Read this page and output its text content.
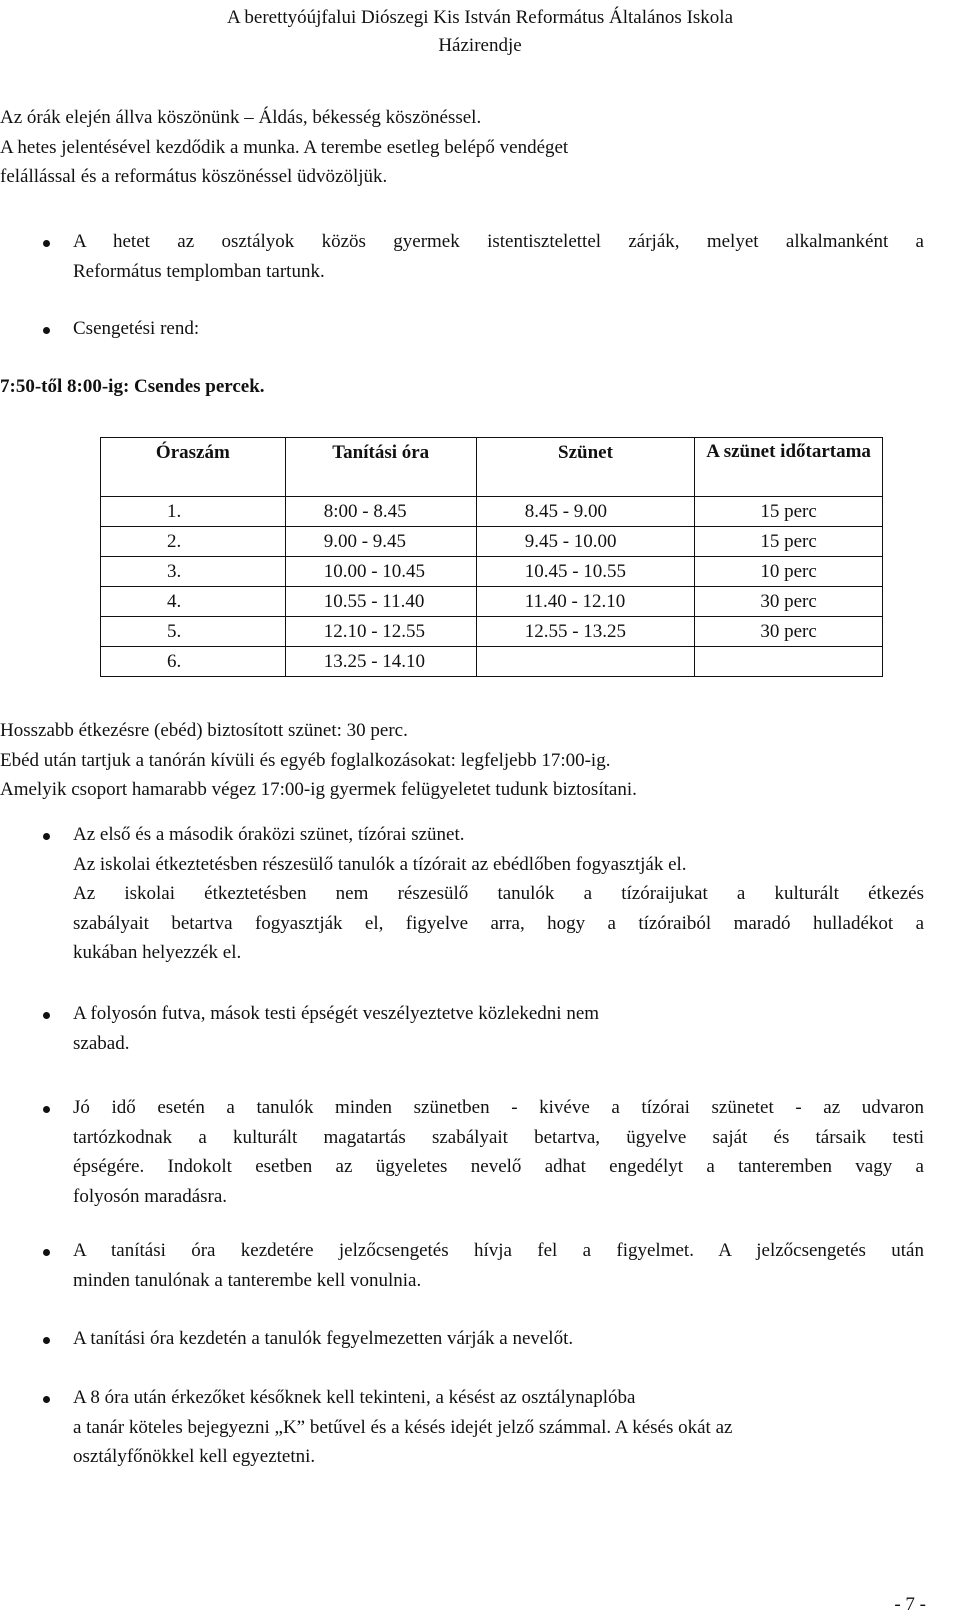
A berettyóújfalui Diószegi Kis István Református Általános Iskola
Házirendje
Az órák elején állva köszönünk – Áldás, békesség köszönéssel.
A hetes jelentésével kezdődik a munka. A terembe esetleg belépő vendéget
felállással és a református köszönéssel üdvözöljük.
A hetet az osztályok közös gyermek istentisztelettel zárják, melyet alkalmanként a
Református templomban tartunk.
Csengetési rend:
7:50-től 8:00-ig: Csendes percek.
Óraszám	Tanítási óra	Szünet	A szünet időtartama
1.	8:00 - 8.45	8.45 - 9.00	15 perc
2.	9.00 - 9.45	9.45 - 10.00	15 perc
3.	10.00 - 10.45	10.45 - 10.55	10 perc
4.	10.55 - 11.40	11.40 - 12.10	30 perc
5.	12.10 - 12.55	12.55 - 13.25	30 perc
6.	13.25 - 14.10		
Hosszabb étkezésre (ebéd) biztosított szünet: 30 perc.
Ebéd után tartjuk a tanórán kívüli és egyéb foglalkozásokat: legfeljebb 17:00-ig.
Amelyik csoport hamarabb végez 17:00-ig gyermek felügyeletet tudunk biztosítani.
Az első és a második óraközi szünet, tízórai szünet.
Az iskolai étkeztetésben részesülő tanulók a tízórait az ebédlőben fogyasztják el.
Az iskolai étkeztetésben nem részesülő tanulók a tízóraijukat a kulturált étkezés
szabályait betartva fogyasztják el, figyelve arra, hogy a tízóraiból maradó hulladékot a
kukában helyezzék el.
A folyosón futva, mások testi épségét veszélyeztetve közlekedni nem
szabad.
Jó idő esetén a tanulók minden szünetben - kivéve a tízórai szünetet - az udvaron
tartózkodnak a kulturált magatartás szabályait betartva, ügyelve saját és társaik testi
épségére. Indokolt esetben az ügyeletes nevelő adhat engedélyt a tanteremben vagy a
folyosón maradásra.
A tanítási óra kezdetére jelzőcsengetés hívja fel a figyelmet. A jelzőcsengetés után
minden tanulónak a tanterembe kell vonulnia.
A tanítási óra kezdetén a tanulók fegyelmezetten várják a nevelőt.
A 8 óra után érkezőket későknek kell tekinteni, a késést az osztálynaplóba
a tanár köteles bejegyezni „K” betűvel és a késés idejét jelző számmal. A késés okát az
osztályfőnökkel kell egyeztetni.
- 7 -
